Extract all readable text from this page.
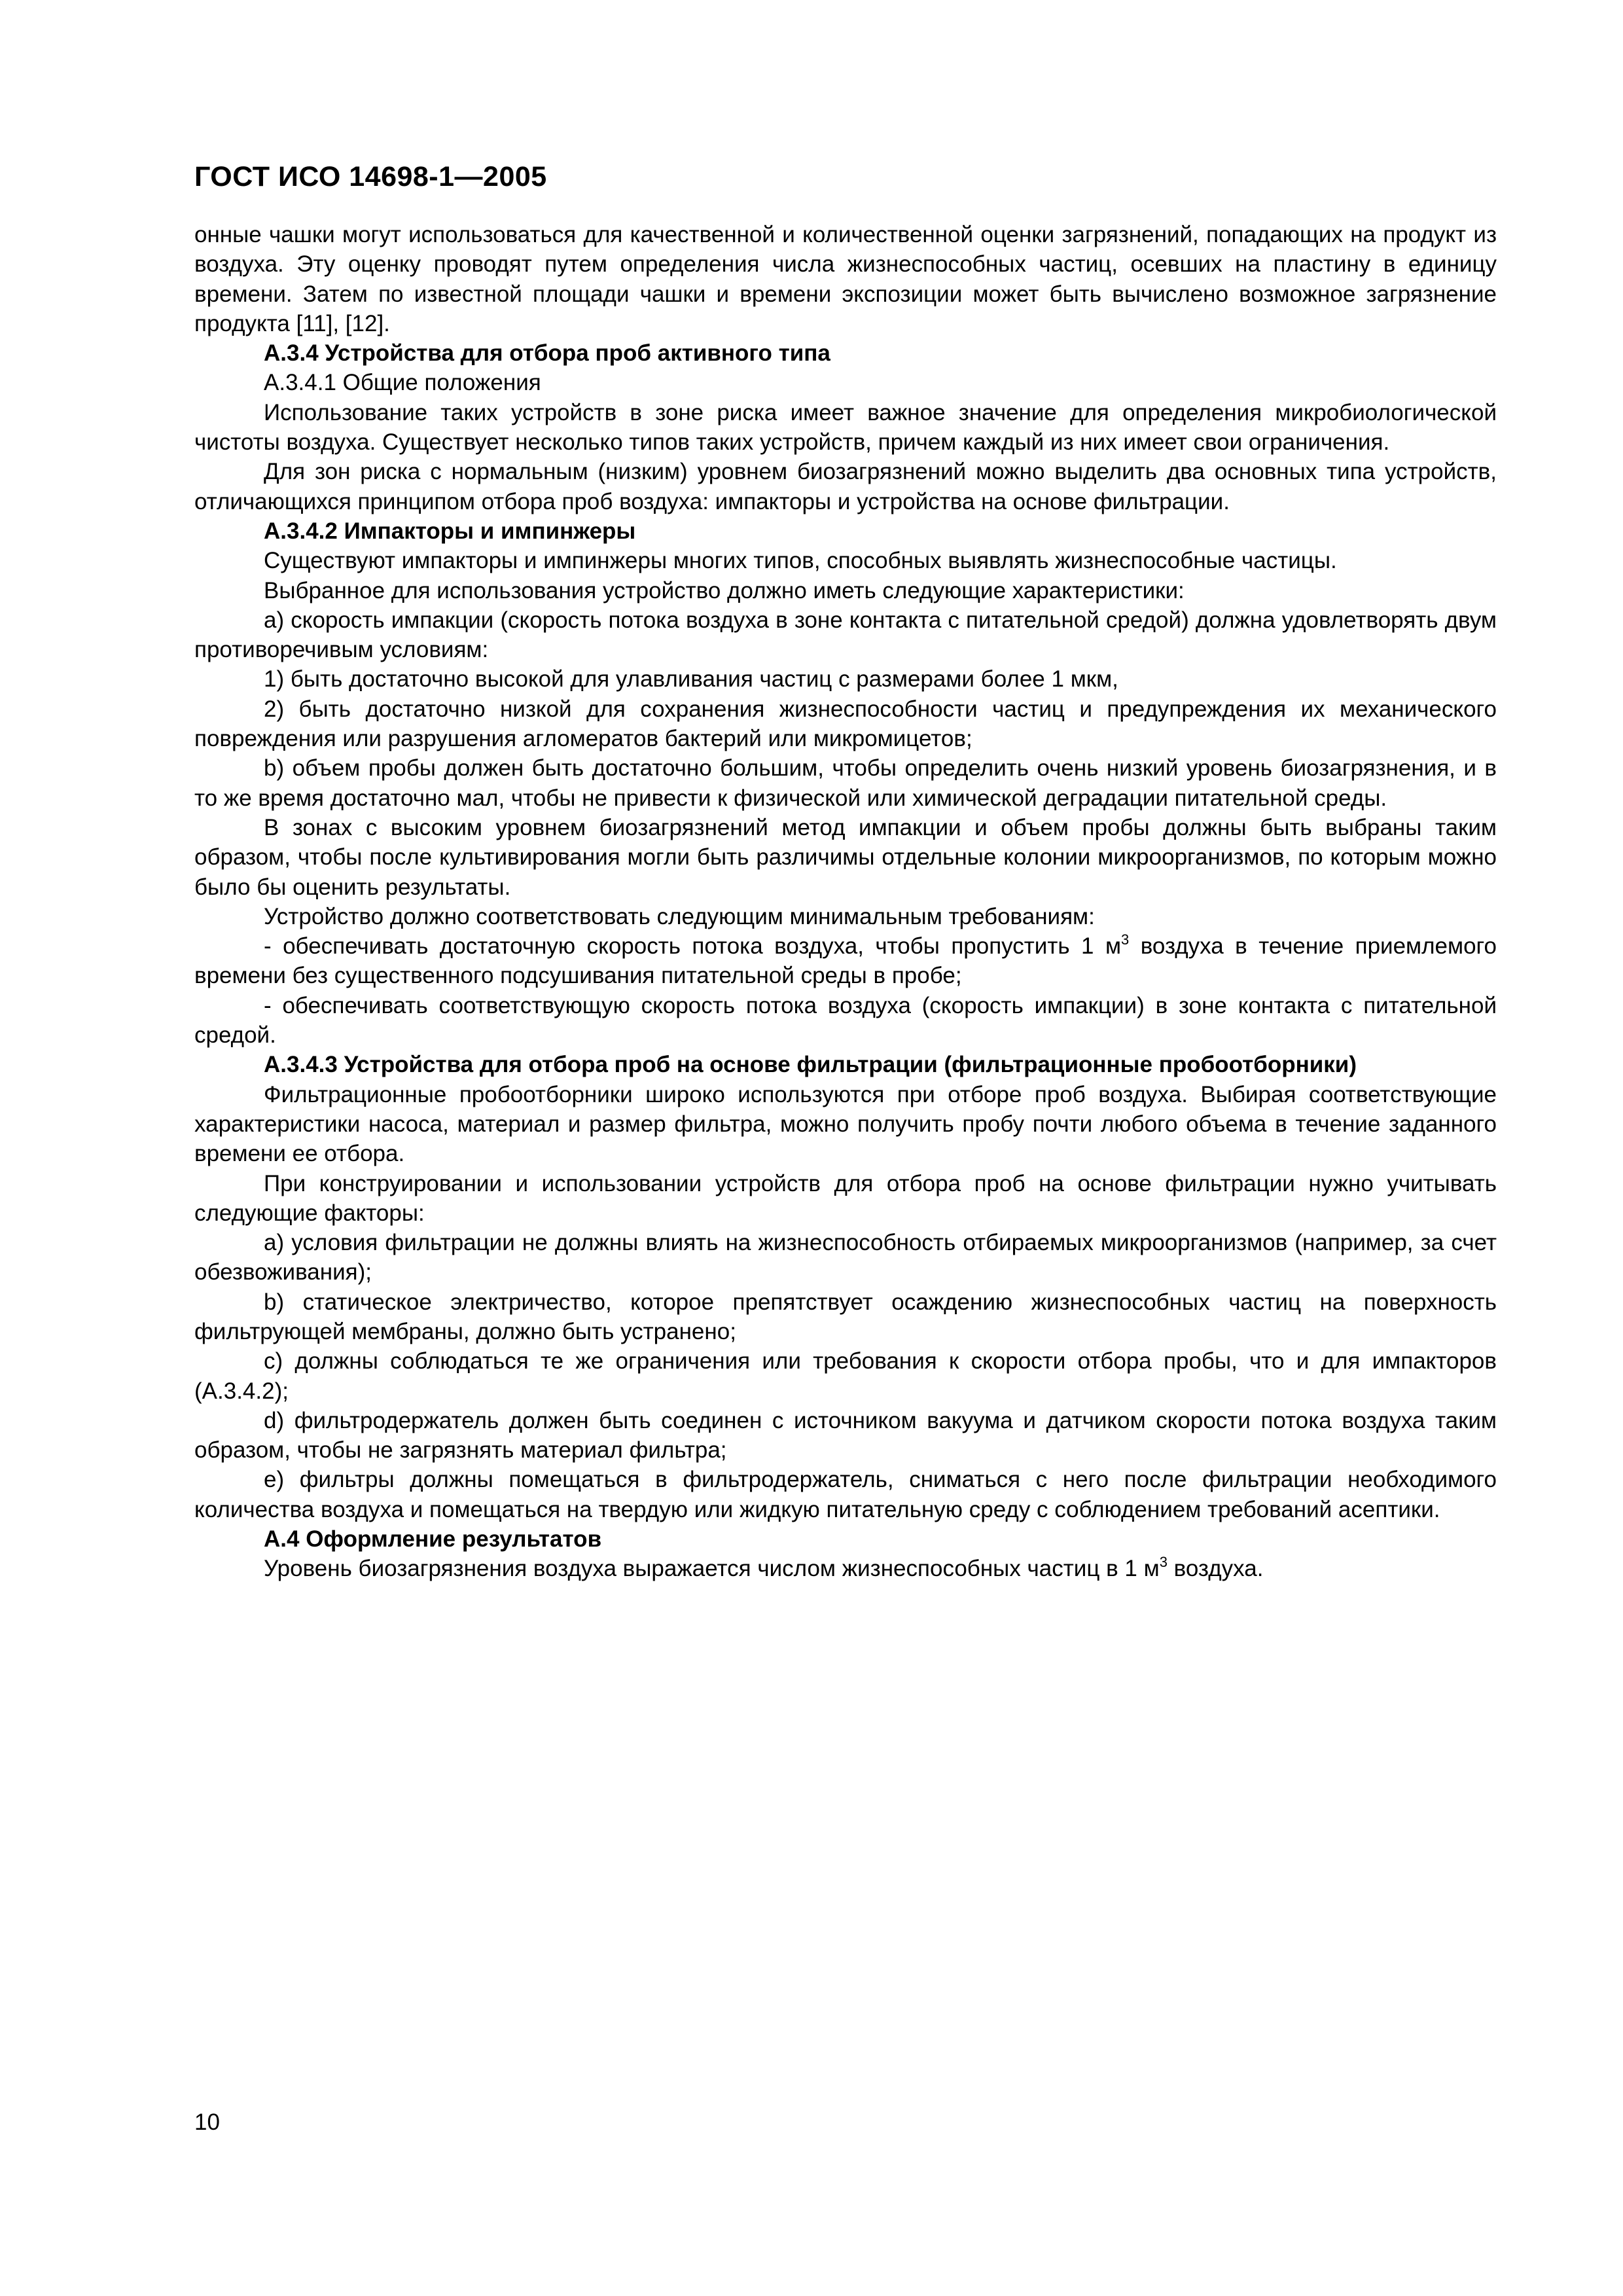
ГОСТ ИСО 14698-1—2005

онные чашки могут использоваться для качественной и количественной оценки загрязнений, попадающих на продукт из воздуха. Эту оценку проводят путем определения числа жизнеспособных частиц, осевших на пластину в единицу времени. Затем по известной площади чашки и времени экспозиции может быть вычислено возможное загрязнение продукта [11], [12].

А.3.4 Устройства для отбора проб активного типа

А.3.4.1 Общие положения

Использование таких устройств в зоне риска имеет важное значение для определения микробиологической чистоты воздуха. Существует несколько типов таких устройств, причем каждый из них имеет свои ограничения.

Для зон риска с нормальным (низким) уровнем биозагрязнений можно выделить два основных типа устройств, отличающихся принципом отбора проб воздуха: импакторы и устройства на основе фильтрации.

А.3.4.2 Импакторы и импинжеры

Существуют импакторы и импинжеры многих типов, способных выявлять жизнеспособные частицы.

Выбранное для использования устройство должно иметь следующие характеристики:

а) скорость импакции (скорость потока воздуха в зоне контакта с питательной средой) должна удовлетворять двум противоречивым условиям:

1) быть достаточно высокой для улавливания частиц с размерами более 1 мкм,

2) быть достаточно низкой для сохранения жизнеспособности частиц и предупреждения их механического повреждения или разрушения агломератов бактерий или микромицетов;

b) объем пробы должен быть достаточно большим, чтобы определить очень низкий уровень биозагрязнения, и в то же время достаточно мал, чтобы не привести к физической или химической деградации питательной среды.

В зонах с высоким уровнем биозагрязнений метод импакции и объем пробы должны быть выбраны таким образом, чтобы после культивирования могли быть различимы отдельные колонии микроорганизмов, по которым можно было бы оценить результаты.

Устройство должно соответствовать следующим минимальным требованиям:

- обеспечивать достаточную скорость потока воздуха, чтобы пропустить 1 $м^3$ воздуха в течение приемлемого времени без существенного подсушивания питательной среды в пробе;

- обеспечивать соответствующую скорость потока воздуха (скорость импакции) в зоне контакта с питательной средой.

А.3.4.3 Устройства для отбора проб на основе фильтрации (фильтрационные пробоотборники)

Фильтрационные пробоотборники широко используются при отборе проб воздуха. Выбирая соответствующие характеристики насоса, материал и размер фильтра, можно получить пробу почти любого объема в течение заданного времени ее отбора.

При конструировании и использовании устройств для отбора проб на основе фильтрации нужно учитывать следующие факторы:

а) условия фильтрации не должны влиять на жизнеспособность отбираемых микроорганизмов (например, за счет обезвоживания);

b) статическое электричество, которое препятствует осаждению жизнеспособных частиц на поверхность фильтрующей мембраны, должно быть устранено;

с) должны соблюдаться те же ограничения или требования к скорости отбора пробы, что и для импакторов (А.3.4.2);

d) фильтродержатель должен быть соединен с источником вакуума и датчиком скорости потока воздуха таким образом, чтобы не загрязнять материал фильтра;

е) фильтры должны помещаться в фильтродержатель, сниматься с него после фильтрации необходимого количества воздуха и помещаться на твердую или жидкую питательную среду с соблюдением требований асептики.

А.4 Оформление результатов

Уровень биозагрязнения воздуха выражается числом жизнеспособных частиц в 1 $м^3$ воздуха.

10
